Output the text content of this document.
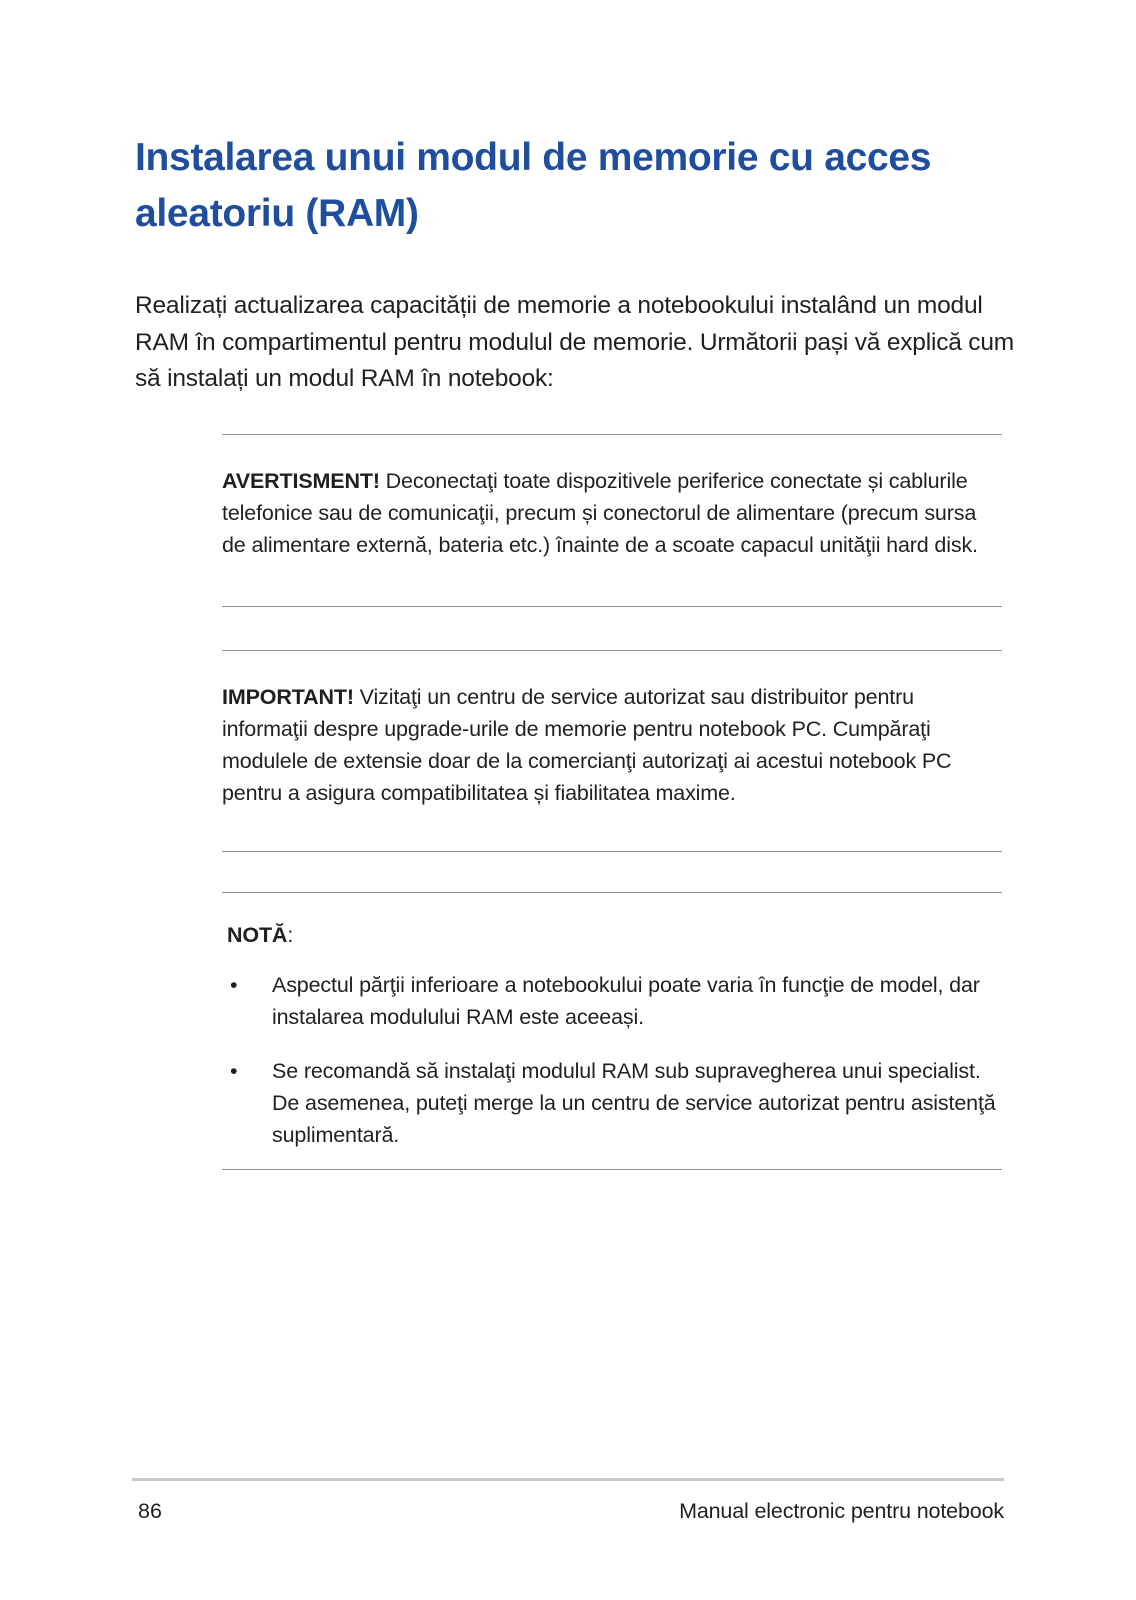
Instalarea unui modul de memorie cu acces aleatoriu (RAM)

Realizați actualizarea capacității de memorie a notebookului instalând un modul RAM în compartimentul pentru modulul de memorie. Următorii pași vă explică cum să instalați un modul RAM în notebook:

AVERTISMENT! Deconectaţi toate dispozitivele periferice conectate și cablurile telefonice sau de comunicaţii, precum și conectorul de alimentare (precum sursa de alimentare externă, bateria etc.) înainte de a scoate capacul unităţii hard disk.

IMPORTANT! Vizitaţi un centru de service autorizat sau distribuitor pentru informaţii despre upgrade-urile de memorie pentru notebook PC. Cumpăraţi modulele de extensie doar de la comercianţi autorizaţi ai acestui notebook PC pentru a asigura compatibilitatea și fiabilitatea maxime.

NOTĂ:

• Aspectul părţii inferioare a notebookului poate varia în funcţie de model, dar instalarea modulului RAM este aceeași.
• Se recomandă să instalaţi modulul RAM sub supravegherea unui specialist. De asemenea, puteţi merge la un centru de service autorizat pentru asistenţă suplimentară.
86	Manual electronic pentru notebook
